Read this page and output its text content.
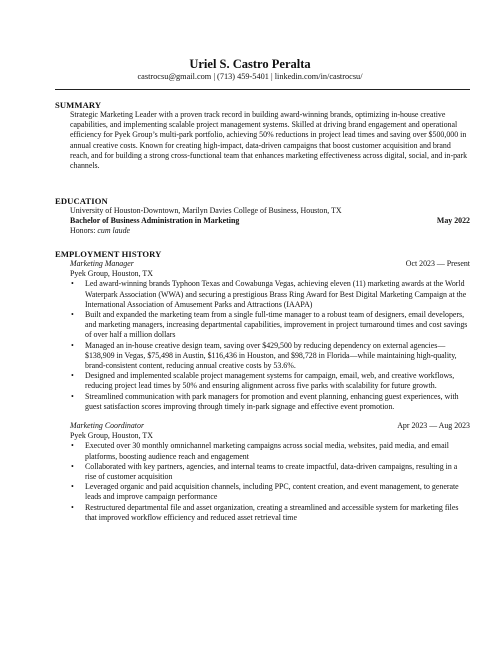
Uriel S. Castro Peralta
castrocsu@gmail.com | (713) 459-5401 | linkedin.com/in/castrocsu/
SUMMARY
Strategic Marketing Leader with a proven track record in building award-winning brands, optimizing in-house creative capabilities, and implementing scalable project management systems. Skilled at driving brand engagement and operational efficiency for Pyek Group’s multi-park portfolio, achieving 50% reductions in project lead times and saving over $500,000 in annual creative costs. Known for creating high-impact, data-driven campaigns that boost customer acquisition and brand reach, and for building a strong cross-functional team that enhances marketing effectiveness across digital, social, and in-park channels.
EDUCATION
University of Houston-Downtown, Marilyn Davies College of Business, Houston, TX
Bachelor of Business Administration in Marketing	May 2022
Honors: cum laude
EMPLOYMENT HISTORY
Marketing Manager	Oct 2023 — Present
Pyek Group, Houston, TX
• Led award-winning brands Typhoon Texas and Cowabunga Vegas, achieving eleven (11) marketing awards at the World Waterpark Association (WWA) and securing a prestigious Brass Ring Award for Best Digital Marketing Campaign at the International Association of Amusement Parks and Attractions (IAAPA)
• Built and expanded the marketing team from a single full-time manager to a robust team of designers, email developers, and marketing managers, increasing departmental capabilities, improvement in project turnaround times and cost savings of over half a million dollars
• Managed an in-house creative design team, saving over $429,500 by reducing dependency on external agencies—$138,909 in Vegas, $75,498 in Austin, $116,436 in Houston, and $98,728 in Florida—while maintaining high-quality, brand-consistent content, reducing annual creative costs by 53.6%.
• Designed and implemented scalable project management systems for campaign, email, web, and creative workflows, reducing project lead times by 50% and ensuring alignment across five parks with scalability for future growth.
• Streamlined communication with park managers for promotion and event planning, enhancing guest experiences, with guest satisfaction scores improving through timely in-park signage and effective event promotion.
Marketing Coordinator	Apr 2023 — Aug 2023
Pyek Group, Houston, TX
• Executed over 30 monthly omnichannel marketing campaigns across social media, websites, paid media, and email platforms, boosting audience reach and engagement
• Collaborated with key partners, agencies, and internal teams to create impactful, data-driven campaigns, resulting in a rise of customer acquisition
• Leveraged organic and paid acquisition channels, including PPC, content creation, and event management, to generate leads and improve campaign performance
• Restructured departmental file and asset organization, creating a streamlined and accessible system for marketing files that improved workflow efficiency and reduced asset retrieval time
